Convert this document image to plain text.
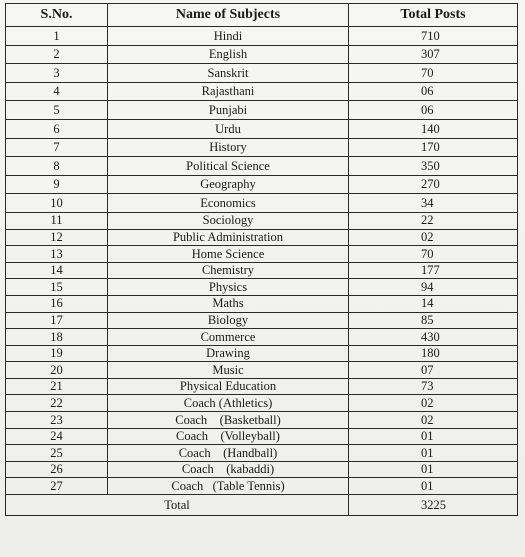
S.No.	Name of Subjects	Total Posts
1	Hindi	710
2	English	307
3	Sanskrit	70
4	Rajasthani	06
5	Punjabi	06
6	Urdu	140
7	History	170
8	Political Science	350
9	Geography	270
10	Economics	34
11	Sociology	22
12	Public Administration	02
13	Home Science	70
14	Chemistry	177
15	Physics	94
16	Maths	14
17	Biology	85
18	Commerce	430
19	Drawing	180
20	Music	07
21	Physical Education	73
22	Coach (Athletics)	02
23	Coach    (Basketball)	02
24	Coach    (Volleyball)	01
25	Coach    (Handball)	01
26	Coach    (kabaddi)	01
27	Coach   (Table Tennis)	01
Total		3225
